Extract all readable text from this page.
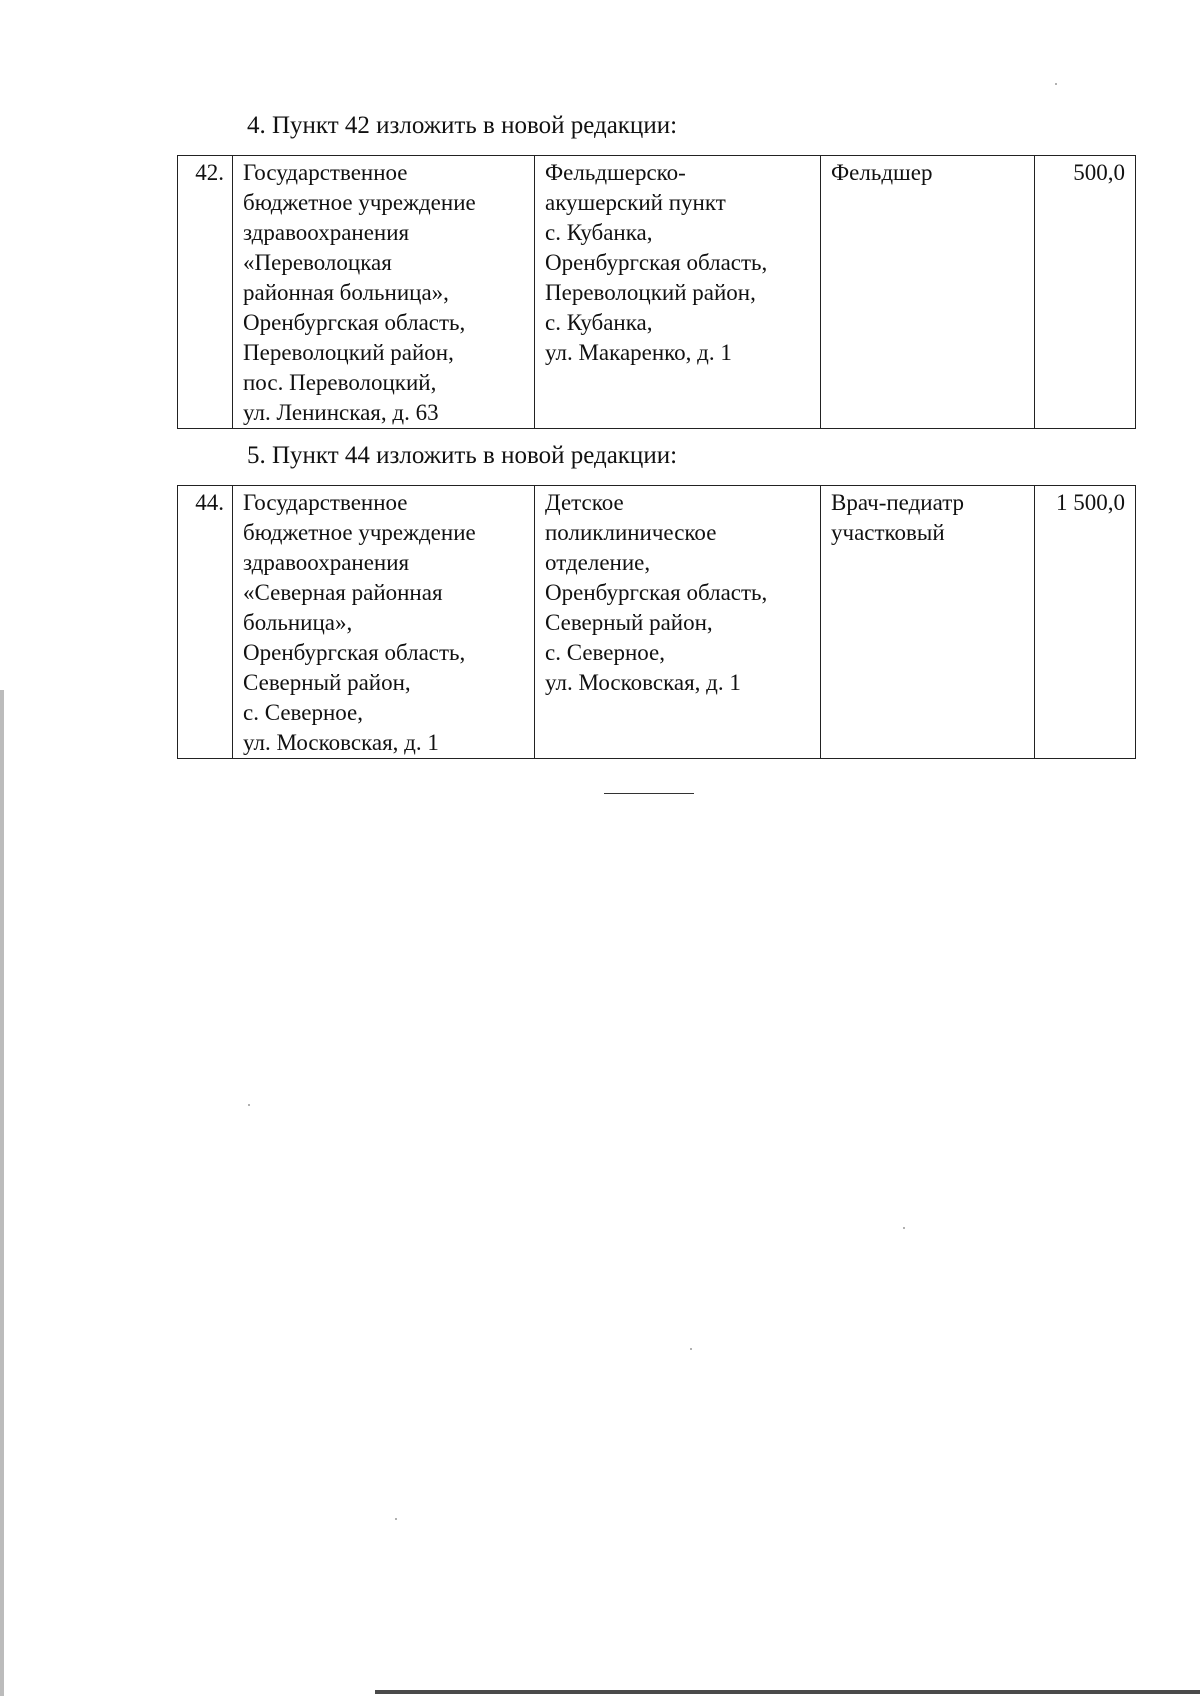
4. Пункт 42 изложить в новой редакции:
42.	Государственное
бюджетное учреждение
здравоохранения
«Переволоцкая
районная больница»,
Оренбургская область,
Переволоцкий район,
пос. Переволоцкий,
ул. Ленинская, д. 63	Фельдшерско-
акушерский пункт
с. Кубанка,
Оренбургская область,
Переволоцкий район,
с. Кубанка,
ул. Макаренко, д. 1	Фельдшер	500,0
5. Пункт 44 изложить в новой редакции:
44.	Государственное
бюджетное учреждение
здравоохранения
«Северная районная
больница»,
Оренбургская область,
Северный район,
с. Северное,
ул. Московская, д. 1	Детское
поликлиническое
отделение,
Оренбургская область,
Северный район,
с. Северное,
ул. Московская, д. 1	Врач-педиатр
участковый	1 500,0
